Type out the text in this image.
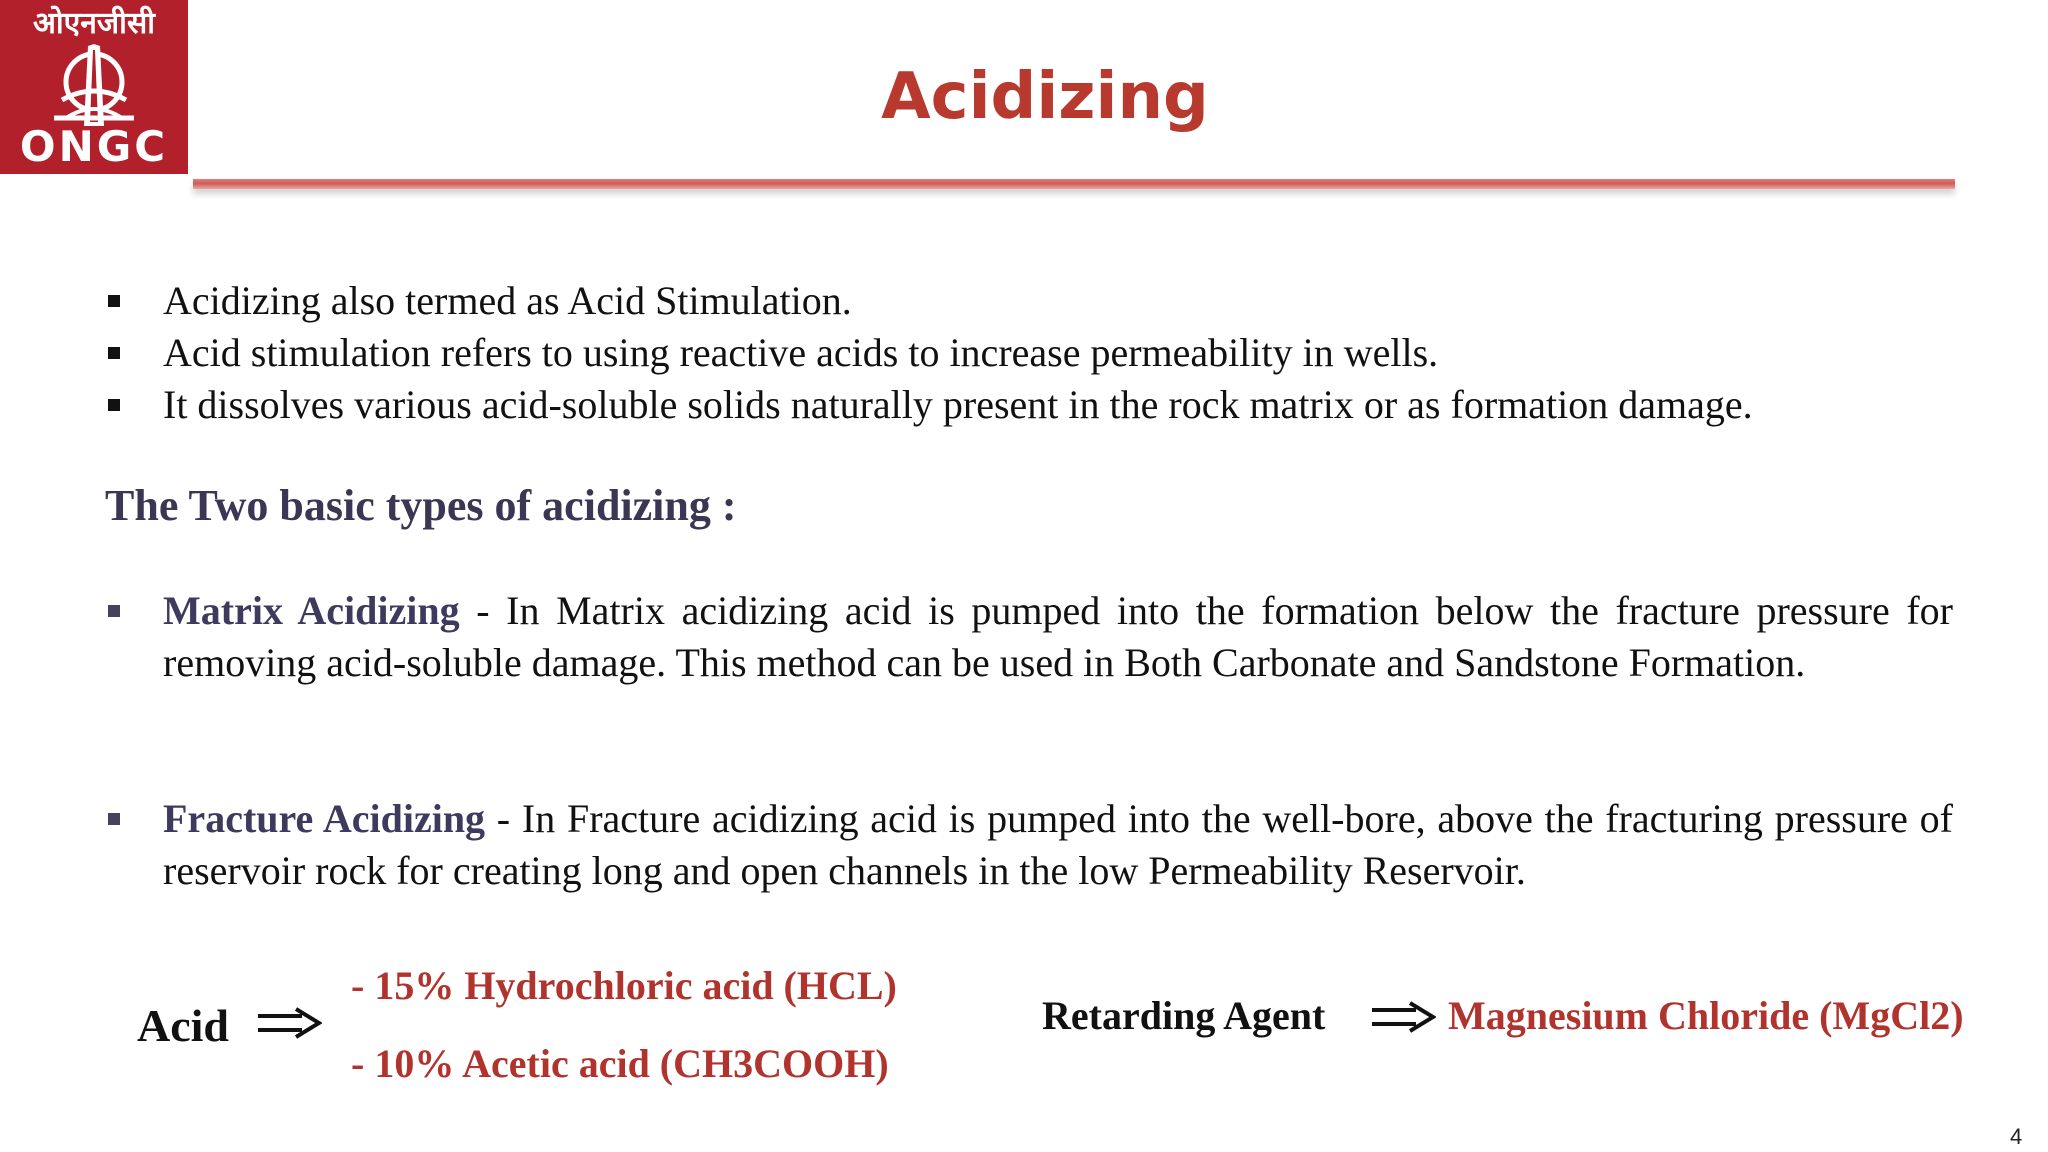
ओएनजीसी
ONGC
Acidizing
Acidizing also termed as Acid Stimulation.
Acid stimulation refers to using reactive acids to increase permeability in wells.
It dissolves various acid-soluble solids naturally present in the rock matrix or as formation damage.
The Two basic types of acidizing :
Matrix Acidizing - In Matrix acidizing acid is pumped into the formation below the fracture pressure for removing acid-soluble damage. This method can be used in Both Carbonate and Sandstone Formation.
Fracture Acidizing - In Fracture acidizing acid is pumped into the well-bore, above the fracturing pressure of reservoir rock for creating long and open channels in the low Permeability Reservoir.
Acid
- 15% Hydrochloric acid (HCL)
- 10% Acetic acid (CH3COOH)
Retarding Agent	Magnesium Chloride (MgCl2)
4
